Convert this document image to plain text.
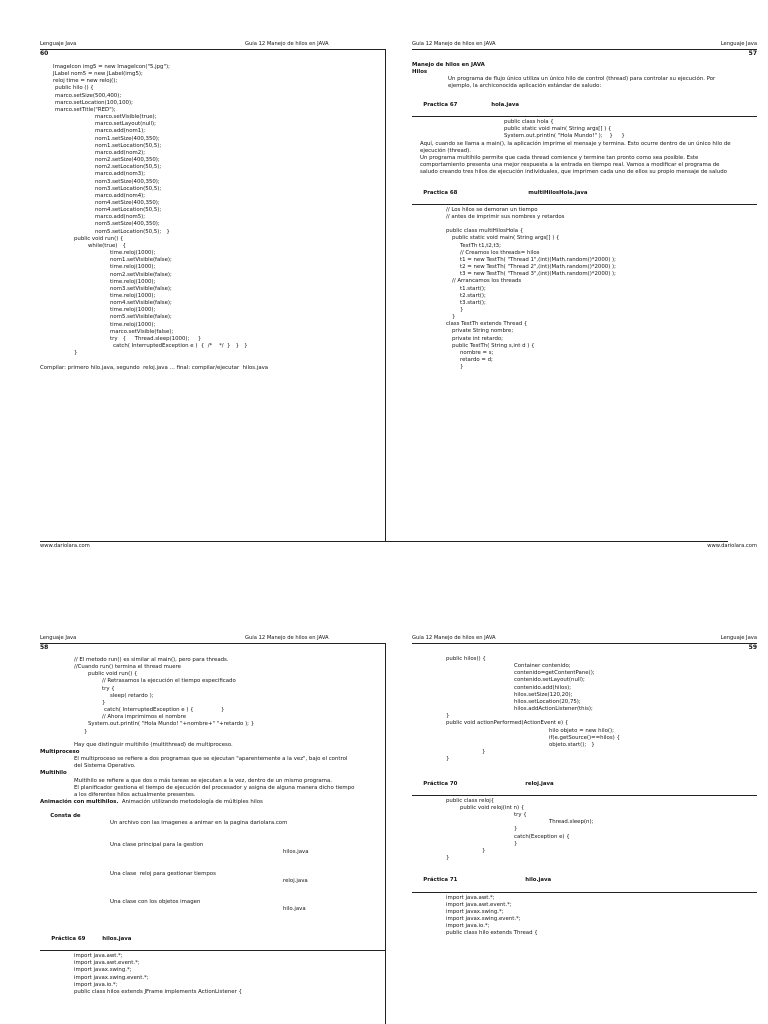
Lenguaje Java	Guía 12 Manejo de hilos en JAVA
60
ImageIcon img5 = new ImageIcon("5.jpg");
JLabel nom5 = new JLabel(img5);
reloj time = new reloj();
public hilo () {
marco.setSize(500,400);
marco.setLocation(100,100);
marco.setTitle("RED");
marco.setVisible(true);
marco.setLayout(null);
marco.add(nom1);
nom1.setSize(400,350);
nom1.setLocation(50,5);
marco.add(nom2);
nom2.setSize(400,350);
nom2.setLocation(50,5);
marco.add(nom3);
nom3.setSize(400,350);
nom3.setLocation(50,5);
marco.add(nom4);
nom4.setSize(400,350);
nom4.setLocation(50,5);
marco.add(nom5);
nom5.setSize(400,350);
nom5.setLocation(50,5);   }
public void run() {
while(true)   {
time.reloj(1000);
nom1.setVisible(false);
time.reloj(1000);
nom2.setVisible(false);
time.reloj(1000);
nom3.setVisible(false);
time.reloj(1000);
nom4.setVisible(false);
time.reloj(1000);
nom5.setVisible(false);
time.reloj(1000);
marco.setVisible(false);
try   {     Thread.sleep(1000);     }
catch( InterruptedException e )  {  /*    */  }   }   }
}
Compilar: primero hilo.java, segundo  reloj.java … final: compilar/ejecutar  hilos.java
www.dariolara.com
Guía 12 Manejo de hilos en JAVA	Lenguaje Java
57
Manejo de hilos en JAVA
Hilos
Un programa de flujo único utiliza un único hilo de control (thread) para controlar su ejecución. Por ejemplo, la archiconocida aplicación estándar de saludo:

Practica 67	hola.java

public class hola {
public static void main( String args[] ) {
System.out.println( "Hola Mundo!" );    }     }
Aquí, cuando se llama a main(), la aplicación imprime el mensaje y termina. Esto ocurre dentro de un único hilo de ejecución (thread).
Un programa multihilo permite que cada thread comience y termine tan pronto como sea posible. Este comportamiento presenta una mejor respuesta a la entrada en tiempo real. Vamos a modificar el programa de saludo creando tres hilos de ejecución individuales, que imprimen cada uno de ellos su propio mensaje de saludo

Practica 68	multiHilosHola.java

// Los hilos se demoran un tiempo
// antes de imprimir sus nombres y retardos
public class multiHilosHola {
public static void main( String args[] ) {
TestTh t1,t2,t3;
// Creamos los threads= hilos
t1 = new TestTh( "Thread 1",(int)(Math.random()*2000) );
t2 = new TestTh( "Thread 2",(int)(Math.random()*2000) );
t3 = new TestTh( "Thread 3",(int)(Math.random()*2000) );
// Arrancamos los threads
t1.start();
t2.start();
t3.start();
}
}
class TestTh extends Thread {
private String nombre;
private int retardo;
public TestTh( String s,int d ) {
nombre = s;
retardo = d;
}
www.dariolara.com
Lenguaje Java	Guía 12 Manejo de hilos en JAVA
58
// El metodo run() es similar al main(), pero para threads.
//Cuando run() termina el thread muere
public void run() {
// Retrasamos la ejecución el tiempo especificado
try {
sleep( retardo );
}
catch( InterruptedException e ) {                }
// Ahora imprimimos el nombre
System.out.println( "Hola Mundo! "+nombre+" "+retardo ); }
}
Hay que distinguir multihilo (multithread) de multiproceso.
Multiproceso
El multiproceso se refiere a dos programas que se ejecutan "aparentemente a la vez", bajo el control del Sistema Operativo.
Multihilo
Multihilo se refiere a que dos o más tareas se ejecutan a la vez, dentro de un mismo programa.
El planificador gestiona el tiempo de ejecución del procesador y asigna de alguna manera dicho tiempo a los diferentes hilos actualmente presentes.
Animación con multihilos. Animación utilizando metodología de múltiples hilos

Consta de

Un archivo con las imagenes a animar en la pagina dariolara.com

Una clase principal para la gestion

hilos.java

Una clase  reloj para gestionar tiempos

reloj.java

Una clase con los objetos imagen

hilo.java

Práctica 69	hilos.java

import java.awt.*;
import java.awt.event.*;
import javax.swing.*;
import javax.swing.event.*;
import java.io.*;
public class hilos extends JFrame implements ActionListener {
Guía 12 Manejo de hilos en JAVA	Lenguaje Java
59
public hilos() {
Container contenido;
contenido=getContentPane();
contenido.setLayout(null);
contenido.add(hilos);
hilos.setSize(120,20);
hilos.setLocation(20,75);
hilos.addActionListener(this);
}
public void actionPerformed(ActionEvent e) {
hilo objeto = new hilo();
if(e.getSource()==hilos) {
objeto.start();   }
}
}

Práctica 70	reloj.java

public class reloj{
public void reloj(int n) {
try {
Thread.sleep(n);
}
catch(Exception e) {
}
}
}

Práctica 71	hilo.java

import java.awt.*;
import java.awt.event.*;
import javax.swing.*;
import javax.swing.event.*;
import java.io.*;
public class hilo extends Thread {
